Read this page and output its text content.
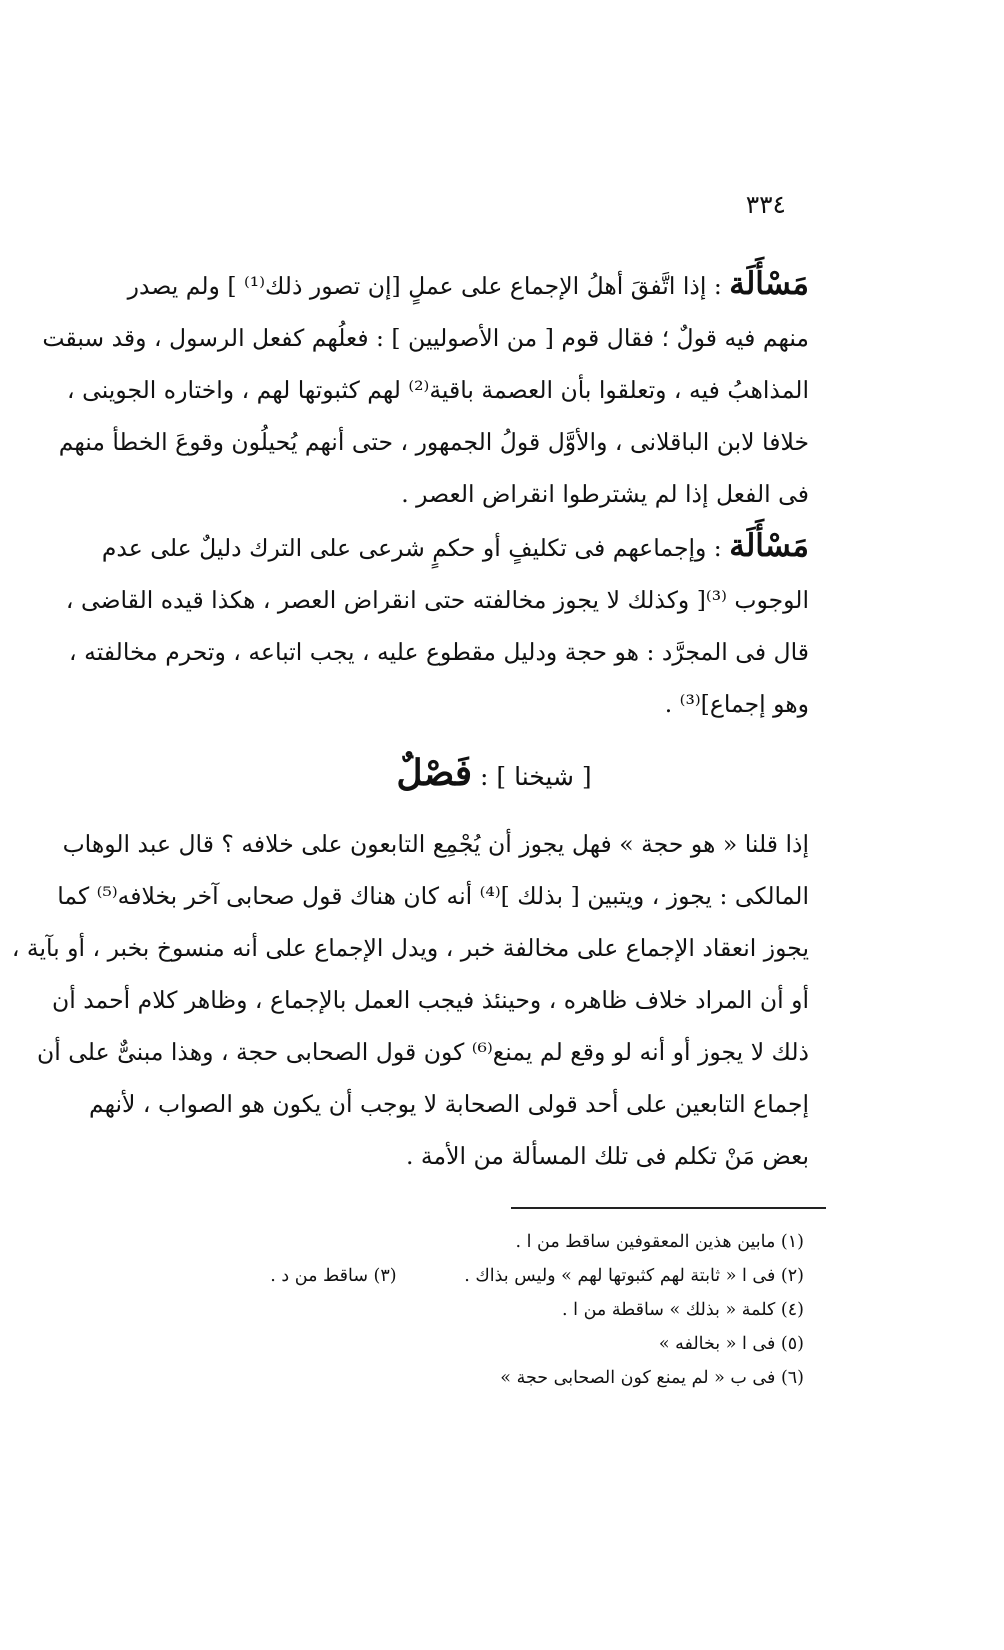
٣٣٤
مَسْأَلَة : إذا اتَّفقَ أهلُ الإجماع على عملٍ [إن تصور ذلك⁽¹⁾ ] ولم يصدر
منهم فيه قولٌ ؛ فقال قوم [ من الأصوليين ] : فعلُهم كفعل الرسول ، وقد سبقت
المذاهبُ فيه ، وتعلقوا بأن العصمة باقية⁽²⁾ لهم كثبوتها لهم ، واختاره الجوينى ،
خلافا لابن الباقلانى ، والأوَّل قولُ الجمهور ، حتى أنهم يُحيلُون وقوعَ الخطأ منهم
فى الفعل إذا لم يشترطوا انقراض العصر .
مَسْأَلَة : وإجماعهم فى تكليفٍ أو حكمٍ شرعى على الترك دليلٌ على عدم
الوجوب ⁽³⁾[ وكذلك لا يجوز مخالفته حتى انقراض العصر ، هكذا قيده القاضى ،
قال فى المجرَّد : هو حجة ودليل مقطوع عليه ، يجب اتباعه ، وتحرم مخالفته ،
وهو إجماع]⁽³⁾ .
[ شيخنا ] : فَصْلٌ
إذا قلنا « هو حجة » فهل يجوز أن يُجْمِع التابعون على خلافه ؟ قال عبد الوهاب
المالكى : يجوز ، ويتبين [ بذلك ]⁽⁴⁾ أنه كان هناك قول صحابى آخر بخلافه⁽⁵⁾ كما
يجوز انعقاد الإجماع على مخالفة خبر ، ويدل الإجماع على أنه منسوخ بخبر ، أو بآية ،
أو أن المراد خلاف ظاهره ، وحينئذ فيجب العمل بالإجماع ، وظاهر كلام أحمد أن
ذلك لا يجوز أو أنه لو وقع لم يمنع⁽⁶⁾ كون قول الصحابى حجة ، وهذا مبنىٌّ على أن
إجماع التابعين على أحد قولى الصحابة لا يوجب أن يكون هو الصواب ، لأنهم
بعض مَنْ تكلم فى تلك المسألة من الأمة .
(١) مابين هذين المعقوفين ساقط من ا .
(٢) فى ا « ثابتة لهم كثبوتها لهم » وليس بذاك . (٣) ساقط من د .
(٤) كلمة « بذلك » ساقطة من ا .
(٥) فى ا « بخالفه »
(٦) فى ب « لم يمنع كون الصحابى حجة »
